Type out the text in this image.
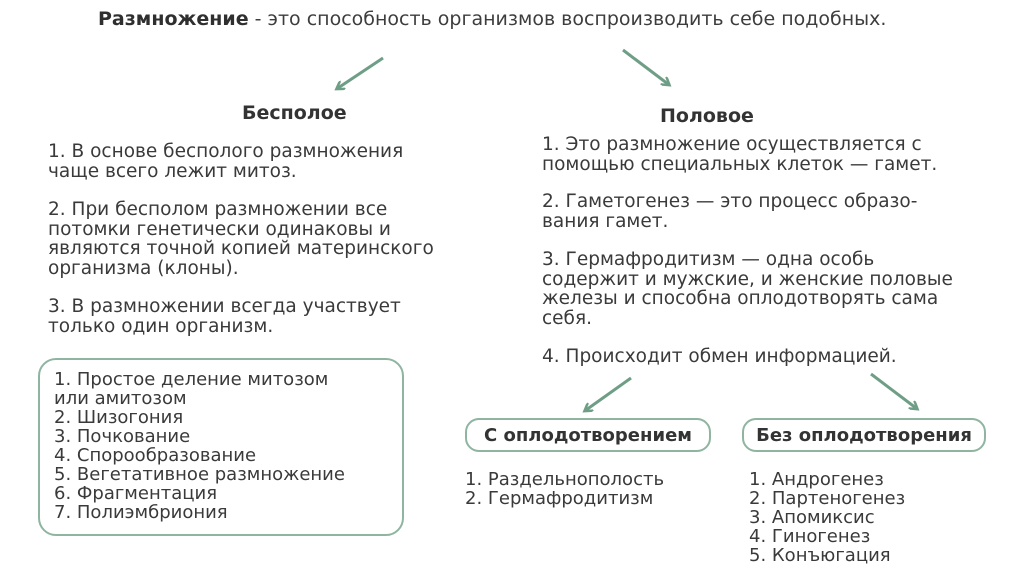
Размножение - это способность организмов воспроизводить себе подобных.
Бесполое
1. В основе бесполого размножения
чаще всего лежит митоз.
2. При бесполом размножении все
потомки генетически одинаковы и
являются точной копией материнского
организма (клоны).
3. В размножении всегда участвует
только один организм.
1. Простое деление митозом
или амитозом
2. Шизогония
3. Почкование
4. Спорообразование
5. Вегетативное размножение
6. Фрагментация
7. Полиэмбриония
Половое
1. Это размножение осуществляется с
помощью специальных клеток — гамет.
2. Гаметогенез — это процесс образо-
вания гамет.
3. Гермафродитизм — одна особь
содержит и мужские, и женские половые
железы и способна оплодотворять сама
себя.
4. Происходит обмен информацией.
С оплодотворением	Без оплодотворения
1. Раздельнополость
2. Гермафродитизм
1. Андрогенез
2. Партеногенез
3. Апомиксис
4. Гиногенез
5. Конъюгация
